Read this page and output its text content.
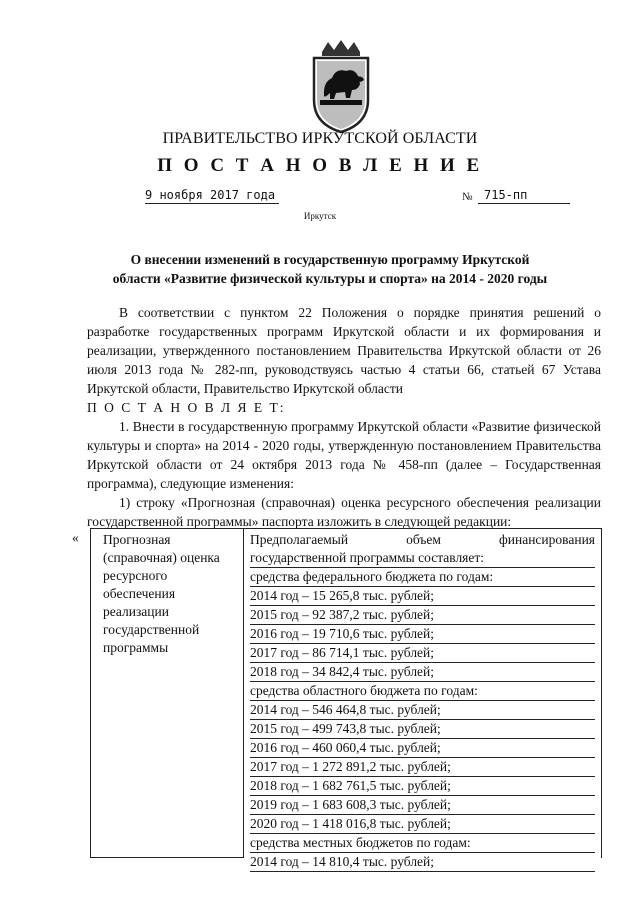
ПРАВИТЕЛЬСТВО ИРКУТСКОЙ ОБЛАСТИ
П О С Т А Н О В Л Е Н И Е
9 ноября 2017 года	№ 715-пп
Иркутск
О внесении изменений в государственную программу Иркутской
области «Развитие физической культуры и спорта» на 2014 - 2020 годы

В соответствии с пунктом 22 Положения о порядке принятия решений о разработке государственных программ Иркутской области и их формирования и реализации, утвержденного постановлением Правительства Иркутской области от 26 июля 2013 года № 282-пп, руководствуясь частью 4 статьи 66, статьей 67 Устава Иркутской области, Правительство Иркутской области

П О С Т А Н О В Л Я Е Т:

1. Внести в государственную программу Иркутской области «Развитие физической культуры и спорта» на 2014 - 2020 годы, утвержденную постановлением Правительства Иркутской области от 24 октября 2013 года № 458-пп (далее – Государственная программа), следующие изменения:

1) строку «Прогнозная (справочная) оценка ресурсного обеспечения реализации государственной программы» паспорта изложить в следующей редакции:

«	Прогнозная
(справочная) оценка
ресурсного
обеспечения
реализации
государственной
программы
Предполагаемый объем финансирования
государственной программы составляет:
средства федерального бюджета по годам:
2014 год – 15 265,8 тыс. рублей;
2015 год – 92 387,2 тыс. рублей;
2016 год – 19 710,6 тыс. рублей;
2017 год – 86 714,1 тыс. рублей;
2018 год – 34 842,4 тыс. рублей;
средства областного бюджета по годам:
2014 год – 546 464,8 тыс. рублей;
2015 год – 499 743,8 тыс. рублей;
2016 год – 460 060,4 тыс. рублей;
2017 год – 1 272 891,2 тыс. рублей;
2018 год – 1 682 761,5 тыс. рублей;
2019 год – 1 683 608,3 тыс. рублей;
2020 год – 1 418 016,8 тыс. рублей;
средства местных бюджетов по годам:
2014 год – 14 810,4 тыс. рублей;
